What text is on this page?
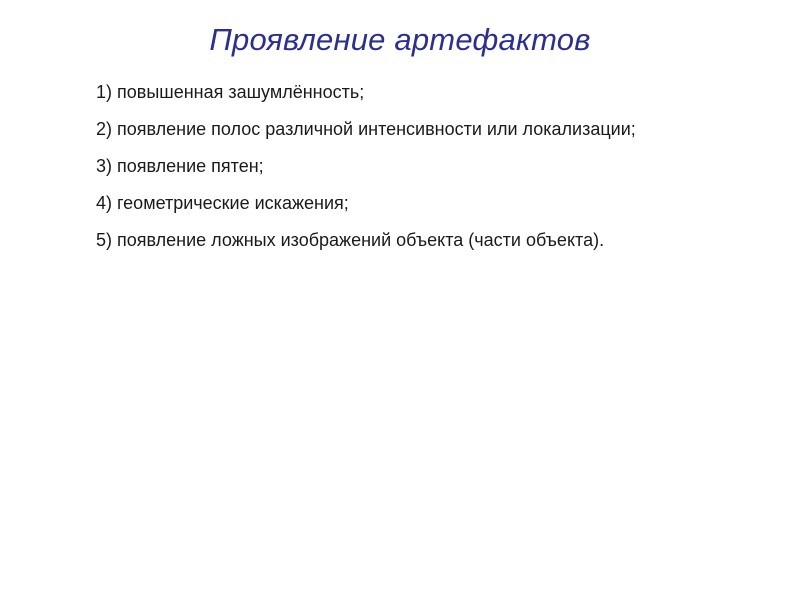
Проявление артефактов
1) повышенная зашумлённость;
2) появление полос различной интенсивности или локализации;
3) появление пятен;
4) геометрические искажения;
5) появление ложных изображений объекта (части объекта).
